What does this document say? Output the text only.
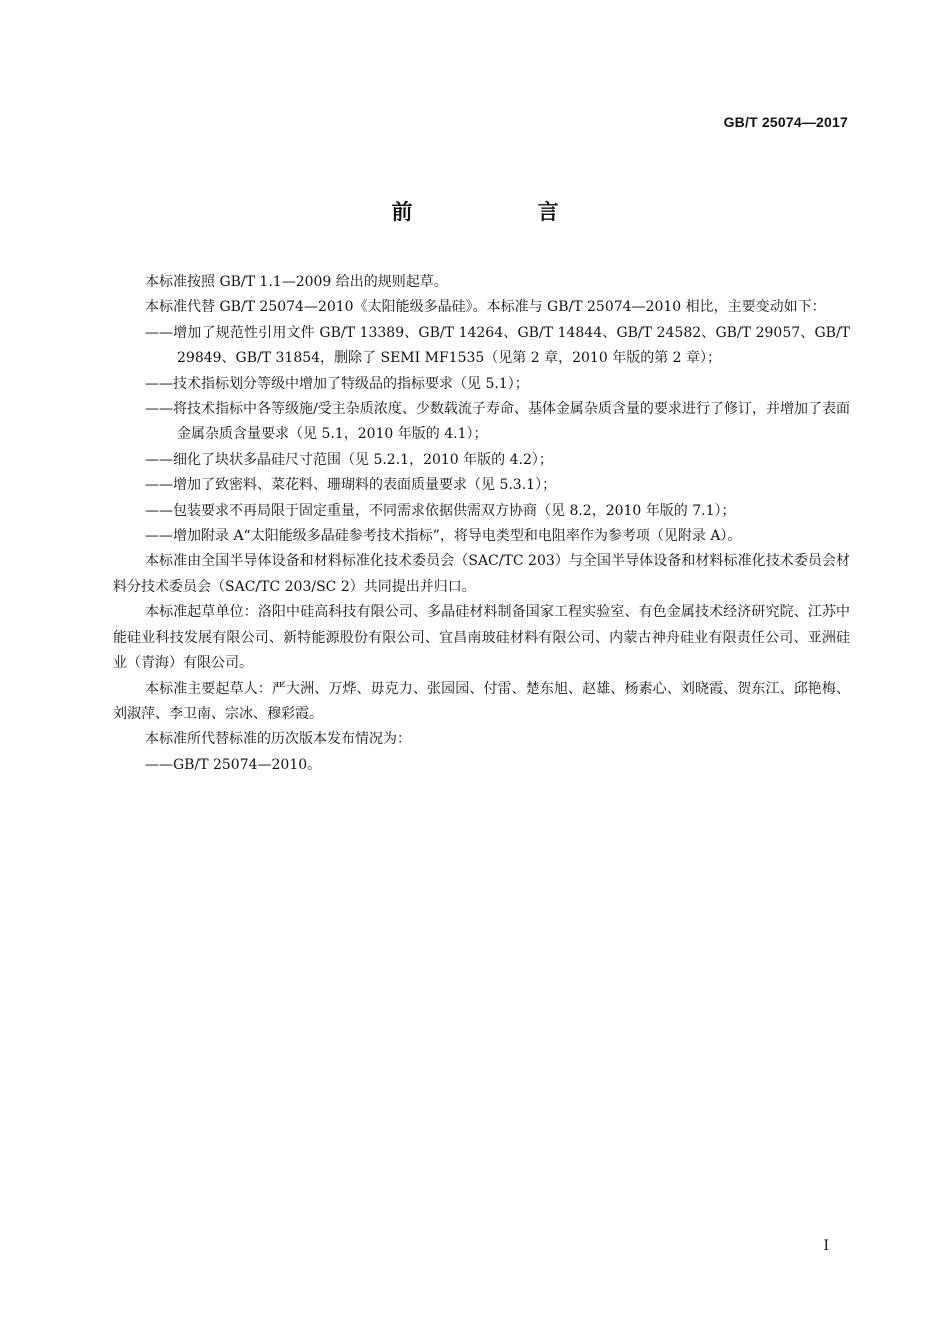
GB/T 25074—2017
前　言

本标准按照 GB/T 1.1—2009 给出的规则起草。

本标准代替 GB/T 25074—2010《太阳能级多晶硅》。本标准与 GB/T 25074—2010 相比，主要变动如下：

——增加了规范性引用文件 GB/T 13389、GB/T 14264、GB/T 14844、GB/T 24582、GB/T 29057、GB/T 29849、GB/T 31854，删除了 SEMI MF1535（见第 2 章，2010 年版的第 2 章）；

——技术指标划分等级中增加了特级品的指标要求（见 5.1）；

——将技术指标中各等级施/受主杂质浓度、少数载流子寿命、基体金属杂质含量的要求进行了修订，并增加了表面金属杂质含量要求（见 5.1，2010 年版的 4.1）；

——细化了块状多晶硅尺寸范围（见 5.2.1，2010 年版的 4.2）；

——增加了致密料、菜花料、珊瑚料的表面质量要求（见 5.3.1）；

——包装要求不再局限于固定重量，不同需求依据供需双方协商（见 8.2，2010 年版的 7.1）；

——增加附录 A“太阳能级多晶硅参考技术指标”，将导电类型和电阻率作为参考项（见附录 A）。

本标准由全国半导体设备和材料标准化技术委员会（SAC/TC 203）与全国半导体设备和材料标准化技术委员会材料分技术委员会（SAC/TC 203/SC 2）共同提出并归口。

本标准起草单位：洛阳中硅高科技有限公司、多晶硅材料制备国家工程实验室、有色金属技术经济研究院、江苏中能硅业科技发展有限公司、新特能源股份有限公司、宜昌南玻硅材料有限公司、内蒙古神舟硅业有限责任公司、亚洲硅业（青海）有限公司。

本标准主要起草人：严大洲、万烨、毋克力、张园园、付雷、楚东旭、赵雄、杨素心、刘晓霞、贺东江、邱艳梅、刘淑萍、李卫南、宗冰、穆彩霞。

本标准所代替标准的历次版本发布情况为：

——GB/T 25074—2010。

I
